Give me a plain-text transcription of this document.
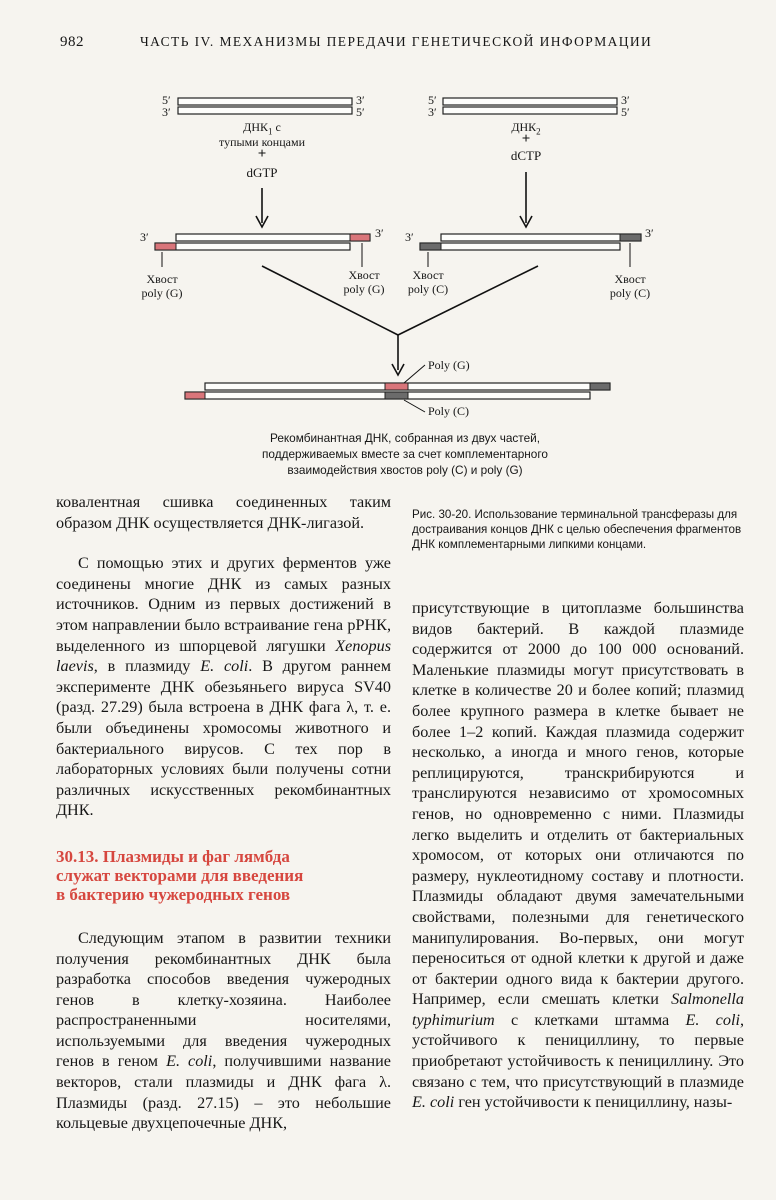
982	ЧАСТЬ IV. МЕХАНИЗМЫ ПЕРЕДАЧИ ГЕНЕТИЧЕСКОЙ ИНФОРМАЦИИ
5′
3′
3′
5′
5′
3′
3′
5′
$ДНК_1$ с
тупыми концами
+
dGTP
$ДНК_2$
+
dCTP
3′	3′ 3′	3′
Хвост
poly (G)
Хвост
poly (G)
Хвост
poly (C)
Хвост
poly (C)
Poly (G)
Poly (C)
Рекомбинантная ДНК, собранная из двух частей,
поддерживаемых вместе за счет комплементарного
взаимодействия хвостов poly (C) и poly (G)
Рис. 30-20. Использование терминальной трансферазы для достраивания концов ДНК с целью обеспечения фрагментов ДНК комплементарными липкими концами.

ковалентная сшивка соединенных таким образом ДНК осуществляется ДНК-лигазой.

С помощью этих и других ферментов уже соединены многие ДНК из самых разных источников. Одним из первых достижений в этом направлении было встраивание гена рРНК, выделенного из шпорцевой лягушки Xenopus laevis, в плазмиду E. coli. В другом раннем эксперименте ДНК обезьяньего вируса SV40 (разд. 27.29) была встроена в ДНК фага λ, т. е. были объединены хромосомы животного и бактериального вирусов. С тех пор в лабораторных условиях были получены сотни различных искусственных рекомбинантных ДНК.

30.13. Плазмиды и фаг лямбда
служат векторами для введения
в бактерию чужеродных генов

Следующим этапом в развитии техники получения рекомбинантных ДНК была разработка способов введения чужеродных генов в клетку-хозяина. Наиболее распространенными носителями, используемыми для введения чужеродных генов в геном E. coli, получившими название векторов, стали плазмиды и ДНК фага λ. Плазмиды (разд. 27.15) – это небольшие кольцевые двухцепочечные ДНК,

присутствующие в цитоплазме большинства видов бактерий. В каждой плазмиде содержится от 2000 до 100 000 оснований. Маленькие плазмиды могут присутствовать в клетке в количестве 20 и более копий; плазмид более крупного размера в клетке бывает не более 1–2 копий. Каждая плазмида содержит несколько, а иногда и много генов, которые реплицируются, транскрибируются и транслируются независимо от хромосомных генов, но одновременно с ними. Плазмиды легко выделить и отделить от бактериальных хромосом, от которых они отличаются по размеру, нуклеотидному составу и плотности. Плазмиды обладают двумя замечательными свойствами, полезными для генетического манипулирования. Во-первых, они могут переноситься от одной клетки к другой и даже от бактерии одного вида к бактерии другого. Например, если смешать клетки Salmonella typhimurium с клетками штамма E. coli, устойчивого к пенициллину, то первые приобретают устойчивость к пенициллину. Это связано с тем, что присутствующий в плазмиде E. coli ген устойчивости к пенициллину, назы-
